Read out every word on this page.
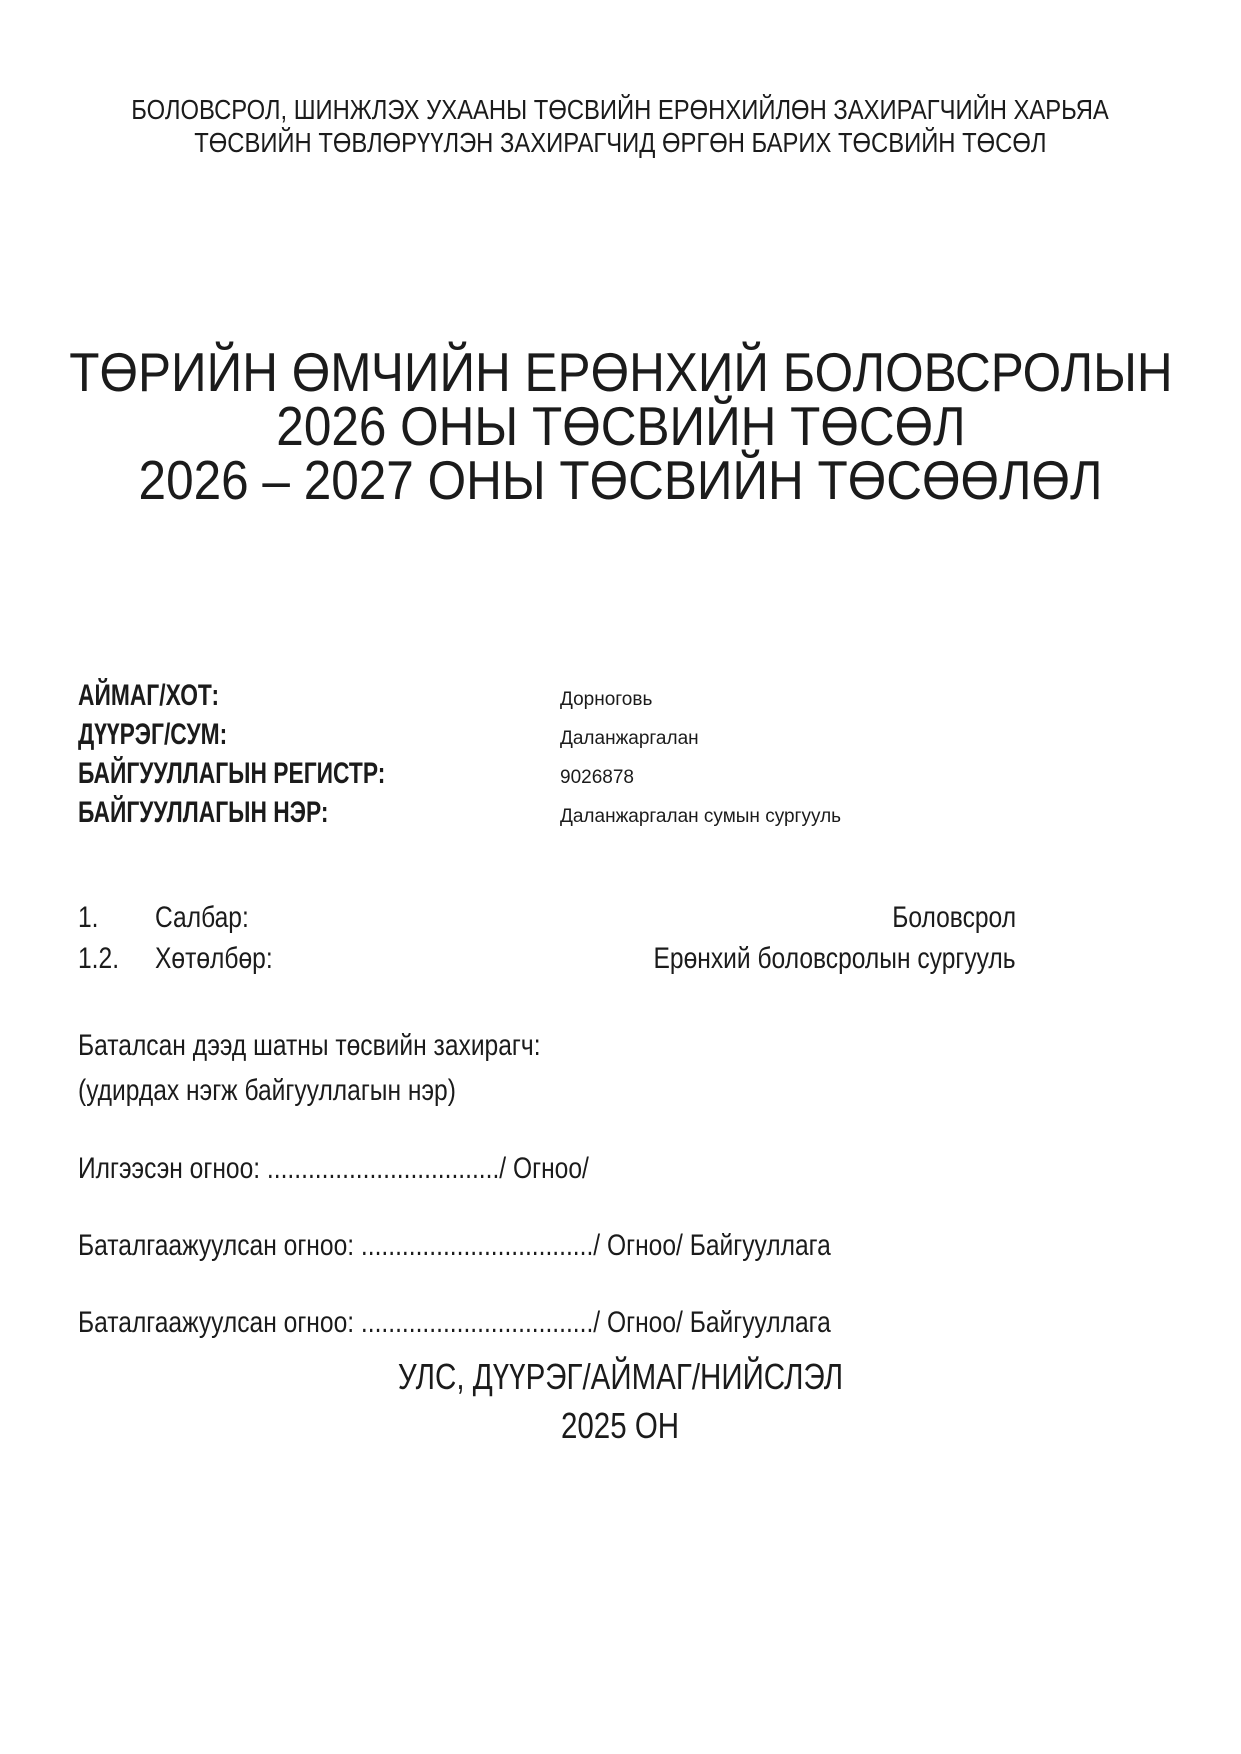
БОЛОВСРОЛ, ШИНЖЛЭХ УХААНЫ ТӨСВИЙН ЕРӨНХИЙЛӨН ЗАХИРАГЧИЙН ХАРЬЯА
ТӨСВИЙН ТӨВЛӨРҮҮЛЭН ЗАХИРАГЧИД ӨРГӨН БАРИХ ТӨСВИЙН ТӨСӨЛ
ТӨРИЙН ӨМЧИЙН ЕРӨНХИЙ БОЛОВСРОЛЫН
2026 ОНЫ ТӨСВИЙН ТӨСӨЛ
2026 – 2027 ОНЫ ТӨСВИЙН ТӨСӨӨЛӨЛ
АЙМАГ/ХОТ:	Дорноговь
ДҮҮРЭГ/СУМ:	Даланжаргалан
БАЙГУУЛЛАГЫН РЕГИСТР:	9026878
БАЙГУУЛЛАГЫН НЭР:	Даланжаргалан сумын сургууль
1.	Салбар:	Боловсрол
1.2.	Хөтөлбөр:	Ерөнхий боловсролын сургууль
Баталсан дээд шатны төсвийн захирагч:
(удирдах нэгж байгууллагын нэр)
Илгээсэн огноо: ................................../ Огноо/
Баталгаажуулсан огноо: ................................../ Огноо/ Байгууллага
Баталгаажуулсан огноо: ................................../ Огноо/ Байгууллага
УЛС, ДҮҮРЭГ/АЙМАГ/НИЙСЛЭЛ
2025 ОН
